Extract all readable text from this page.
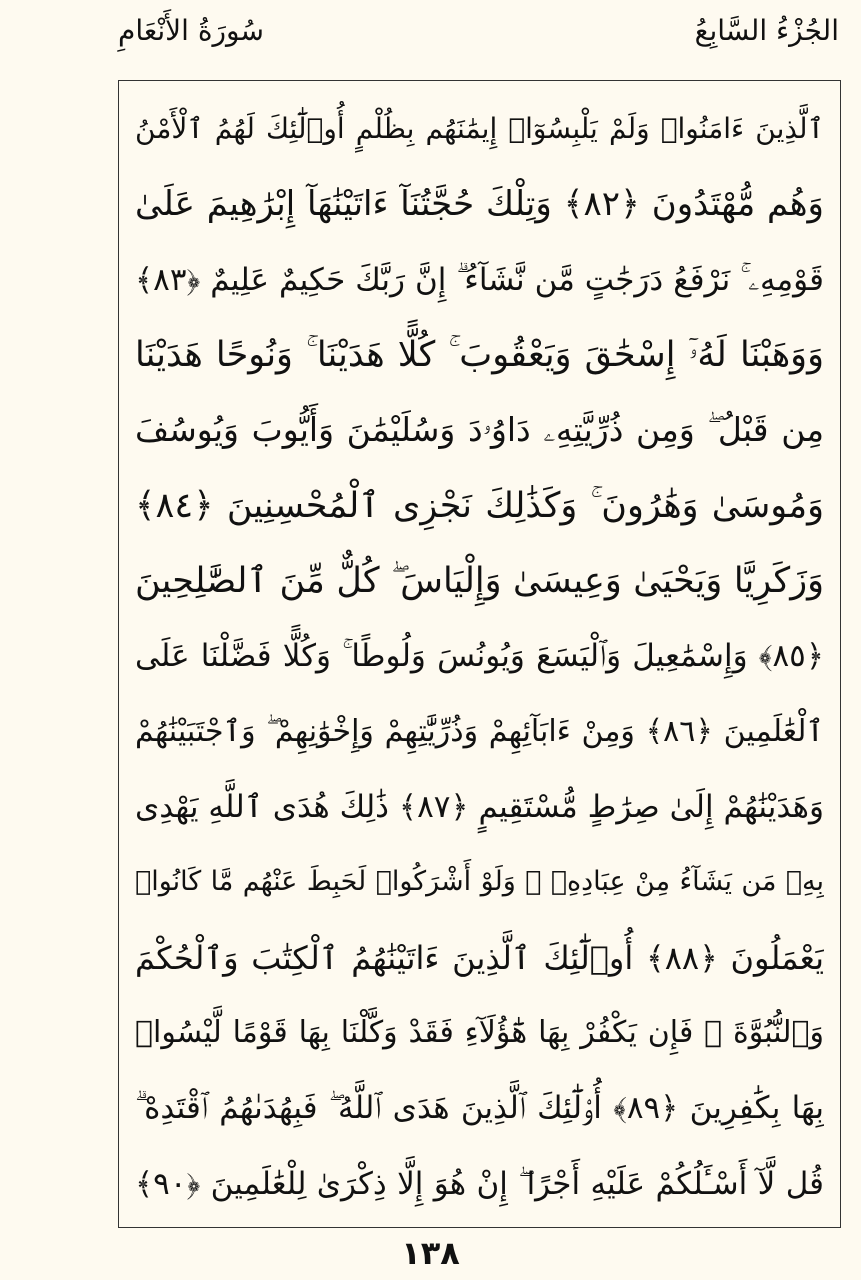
الجُزْءُ السَّابِعُ
سُورَةُ الأَنْعَامِ
ٱلَّذِينَ ءَامَنُوا۟ وَلَمْ يَلْبِسُوٓا۟ إِيمَٰنَهُم بِظُلْمٍ أُو۟لَٰٓئِكَ لَهُمُ ٱلْأَمْنُ
وَهُم مُّهْتَدُونَ ﴿٨٢﴾ وَتِلْكَ حُجَّتُنَآ ءَاتَيْنَٰهَآ إِبْرَٰهِيمَ عَلَىٰ
قَوْمِهِۦ ۚ نَرْفَعُ دَرَجَٰتٍ مَّن نَّشَآءُ ۗ إِنَّ رَبَّكَ حَكِيمٌ عَلِيمٌ ﴿٨٣﴾
وَوَهَبْنَا لَهُۥٓ إِسْحَٰقَ وَيَعْقُوبَ ۚ كُلًّا هَدَيْنَا ۚ وَنُوحًا هَدَيْنَا
مِن قَبْلُ ۖ وَمِن ذُرِّيَّتِهِۦ دَاوُۥدَ وَسُلَيْمَٰنَ وَأَيُّوبَ وَيُوسُفَ
وَمُوسَىٰ وَهَٰرُونَ ۚ وَكَذَٰلِكَ نَجْزِى ٱلْمُحْسِنِينَ ﴿٨٤﴾
وَزَكَرِيَّا وَيَحْيَىٰ وَعِيسَىٰ وَإِلْيَاسَ ۖ كُلٌّ مِّنَ ٱلصَّٰلِحِينَ
﴿٨٥﴾ وَإِسْمَٰعِيلَ وَٱلْيَسَعَ وَيُونُسَ وَلُوطًا ۚ وَكُلًّا فَضَّلْنَا عَلَى
ٱلْعَٰلَمِينَ ﴿٨٦﴾ وَمِنْ ءَابَآئِهِمْ وَذُرِّيَّٰتِهِمْ وَإِخْوَٰنِهِمْ ۖ وَٱجْتَبَيْنَٰهُمْ
وَهَدَيْنَٰهُمْ إِلَىٰ صِرَٰطٍ مُّسْتَقِيمٍ ﴿٨٧﴾ ذَٰلِكَ هُدَى ٱللَّهِ يَهْدِى
بِهِۦ مَن يَشَآءُ مِنْ عِبَادِهِۦ ۚ وَلَوْ أَشْرَكُوا۟ لَحَبِطَ عَنْهُم مَّا كَانُوا۟
يَعْمَلُونَ ﴿٨٨﴾ أُو۟لَٰٓئِكَ ٱلَّذِينَ ءَاتَيْنَٰهُمُ ٱلْكِتَٰبَ وَٱلْحُكْمَ
وَٱلنُّبُوَّةَ ۚ فَإِن يَكْفُرْ بِهَا هَٰٓؤُلَآءِ فَقَدْ وَكَّلْنَا بِهَا قَوْمًا لَّيْسُوا۟
بِهَا بِكَٰفِرِينَ ﴿٨٩﴾ أُو۟لَٰٓئِكَ ٱلَّذِينَ هَدَى ٱللَّهُ ۖ فَبِهُدَىٰهُمُ ٱقْتَدِهْ ۗ
قُل لَّآ أَسْـَٔلُكُمْ عَلَيْهِ أَجْرًا ۖ إِنْ هُوَ إِلَّا ذِكْرَىٰ لِلْعَٰلَمِينَ ﴿٩٠﴾
١٣٨
